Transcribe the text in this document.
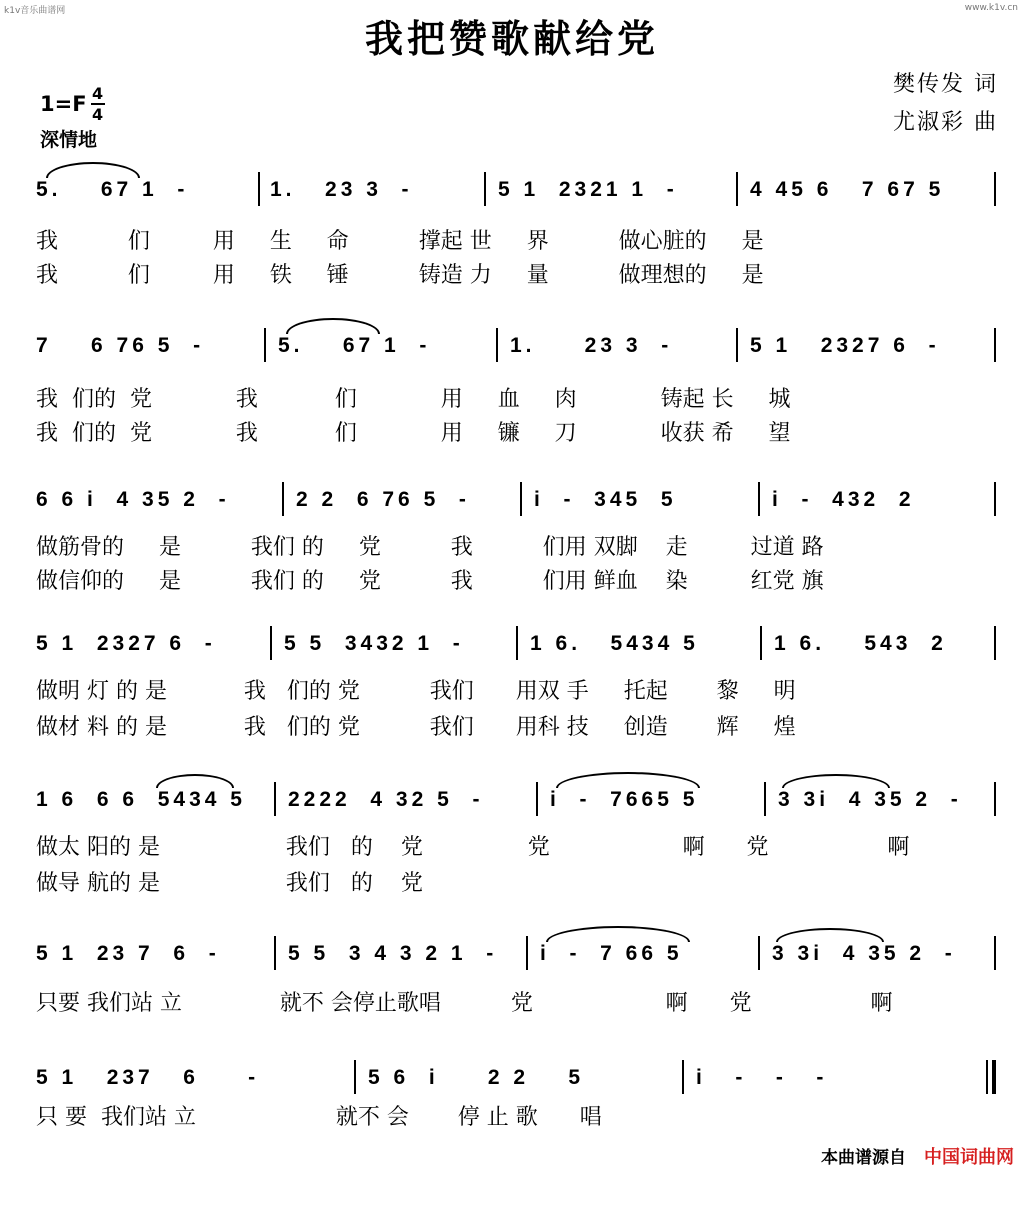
k1v音乐曲谱网	www.k1v.cn
我把赞歌献给党
樊传发 词
尤淑彩 曲
$1=F \frac{4}{4}$
深情地
5.    67 1  -	1.   23 3  -	5 1  2321 1  -	4 45 6   7 67 5
我          们         用     生     命          撑起 世     界          做心脏的     是
我          们         用     铁     锤          铸造 力     量          做理想的     是
7    6 76 5  -	5.    67 1  -	1.     23 3  -	5 1   2327 6  -
我  们的  党            我           们            用     血     肉            铸起 长     城
我  们的  党            我           们            用     镰     刀            收获 希     望
6 6 i  4 35 2  -	2 2  6 76 5  -	i  -  345  5	i  -  432  2
做筋骨的     是          我们 的     党          我          们用 双脚    走         过道 路
做信仰的     是          我们 的     党          我          们用 鲜血    染         红党 旗
5 1  2327 6  -	5 5  3432 1  -	1 6.   5434 5	1 6.    543  2
做明 灯 的 是           我   们的 党          我们      用双 手     托起       黎     明
做材 料 的 是           我   们的 党          我们      用科 技     创造       辉     煌
1 6  6 6  5434 5 2222  4 32 5  -	i  -  7665 5	3 3i  4 35 2  -
做太 阳的 是                  我们   的    党               党                   啊      党                 啊
做导 航的 是                  我们   的    党
5 1  23 7  6  -	5 5  3 4 3 2 1  - i  -  7 66 5	3 3i  4 35 2  -
只要 我们站 立              就不 会停止歌唱          党                   啊      党                 啊
5 1   237   6     -	5 6  i     2 2    5	i   -   -   -
只 要  我们站 立                    就不 会       停 止 歌      唱
本曲谱源自 中国词曲网
